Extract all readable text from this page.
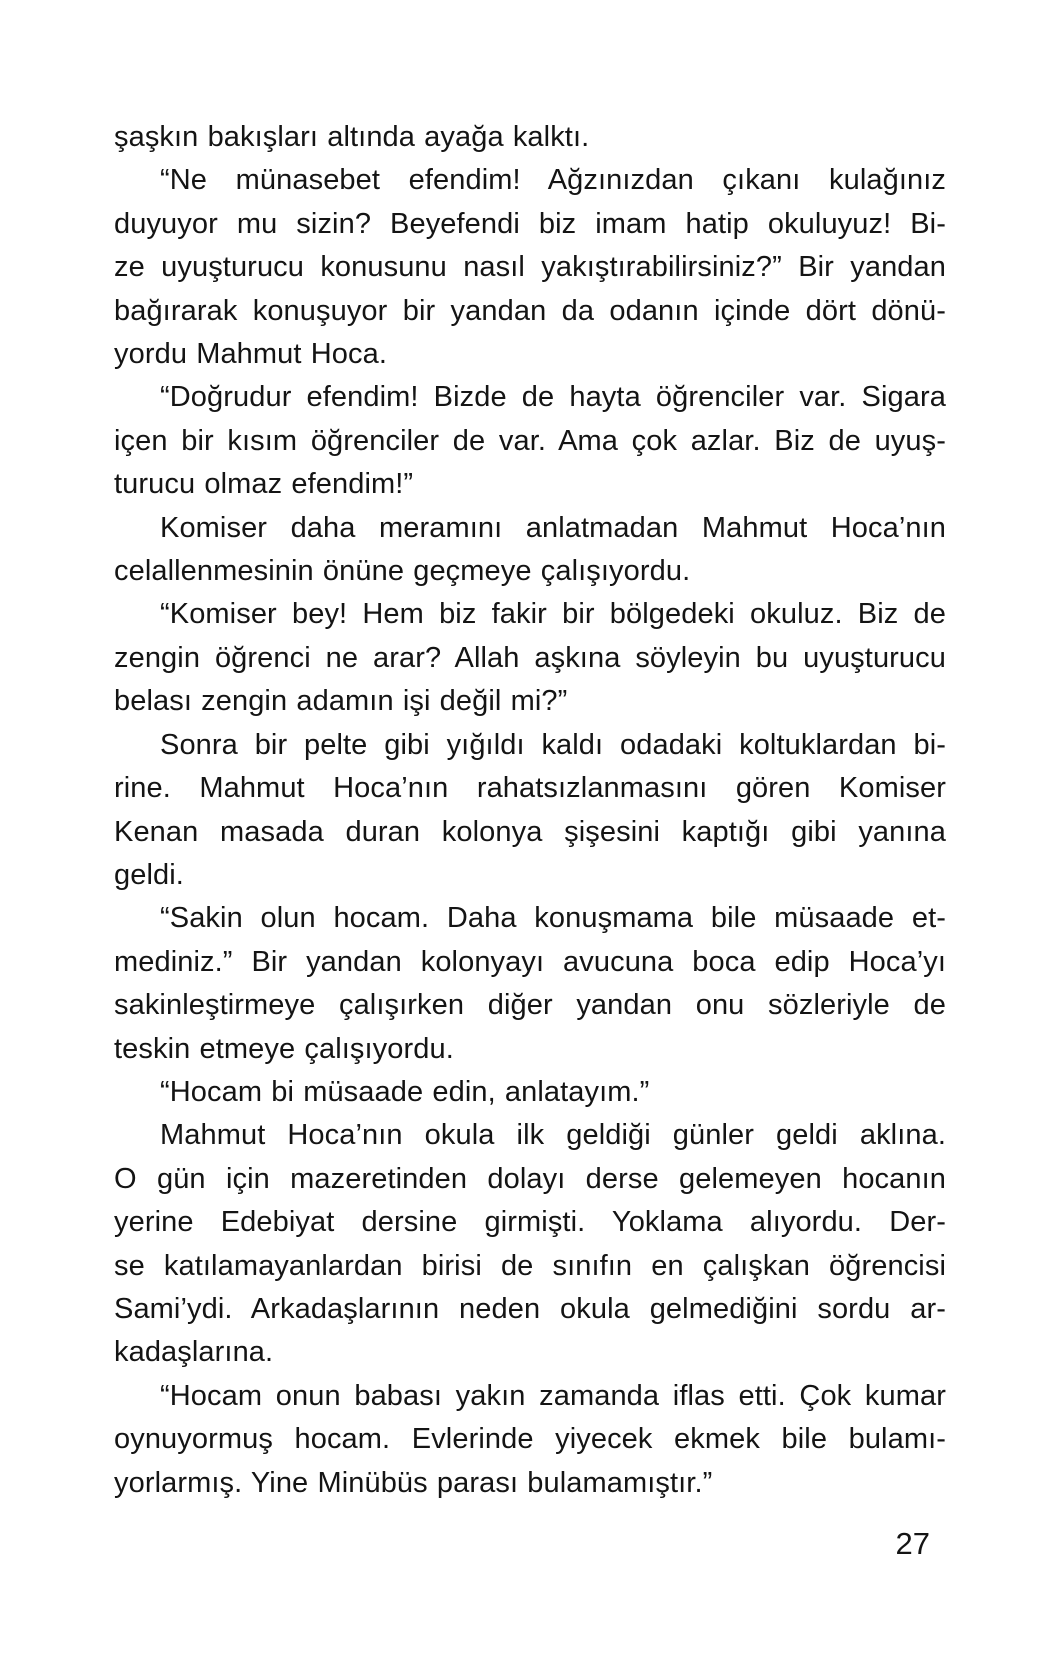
şaşkın bakışları altında ayağa kalktı.
“Ne münasebet efendim! Ağzınızdan çıkanı kulağınız
duyuyor mu sizin? Beyefendi biz imam hatip okuluyuz! Bi-
ze uyuşturucu konusunu nasıl yakıştırabilirsiniz?” Bir yandan
bağırarak konuşuyor bir yandan da odanın içinde dört dönü-
yordu Mahmut Hoca.
“Doğrudur efendim! Bizde de hayta öğrenciler var. Sigara
içen bir kısım öğrenciler de var. Ama çok azlar. Biz de uyuş-
turucu olmaz efendim!”
Komiser daha meramını anlatmadan Mahmut Hoca’nın
celallenmesinin önüne geçmeye çalışıyordu.
“Komiser bey! Hem biz fakir bir bölgedeki okuluz. Biz de
zengin öğrenci ne arar? Allah aşkına söyleyin bu uyuşturucu
belası zengin adamın işi değil mi?”
Sonra bir pelte gibi yığıldı kaldı odadaki koltuklardan bi-
rine. Mahmut Hoca’nın rahatsızlanmasını gören Komiser
Kenan masada duran kolonya şişesini kaptığı gibi yanına
geldi.
“Sakin olun hocam. Daha konuşmama bile müsaade et-
mediniz.” Bir yandan kolonyayı avucuna boca edip Hoca’yı
sakinleştirmeye çalışırken diğer yandan onu sözleriyle de
teskin etmeye çalışıyordu.
“Hocam bi müsaade edin, anlatayım.”
Mahmut Hoca’nın okula ilk geldiği günler geldi aklına.
O gün için mazeretinden dolayı derse gelemeyen hocanın
yerine Edebiyat dersine girmişti. Yoklama alıyordu. Der-
se katılamayanlardan birisi de sınıfın en çalışkan öğrencisi
Sami’ydi. Arkadaşlarının neden okula gelmediğini sordu ar-
kadaşlarına.
“Hocam onun babası yakın zamanda iflas etti. Çok kumar
oynuyormuş hocam. Evlerinde yiyecek ekmek bile bulamı-
yorlarmış. Yine Minübüs parası bulamamıştır.”
27
